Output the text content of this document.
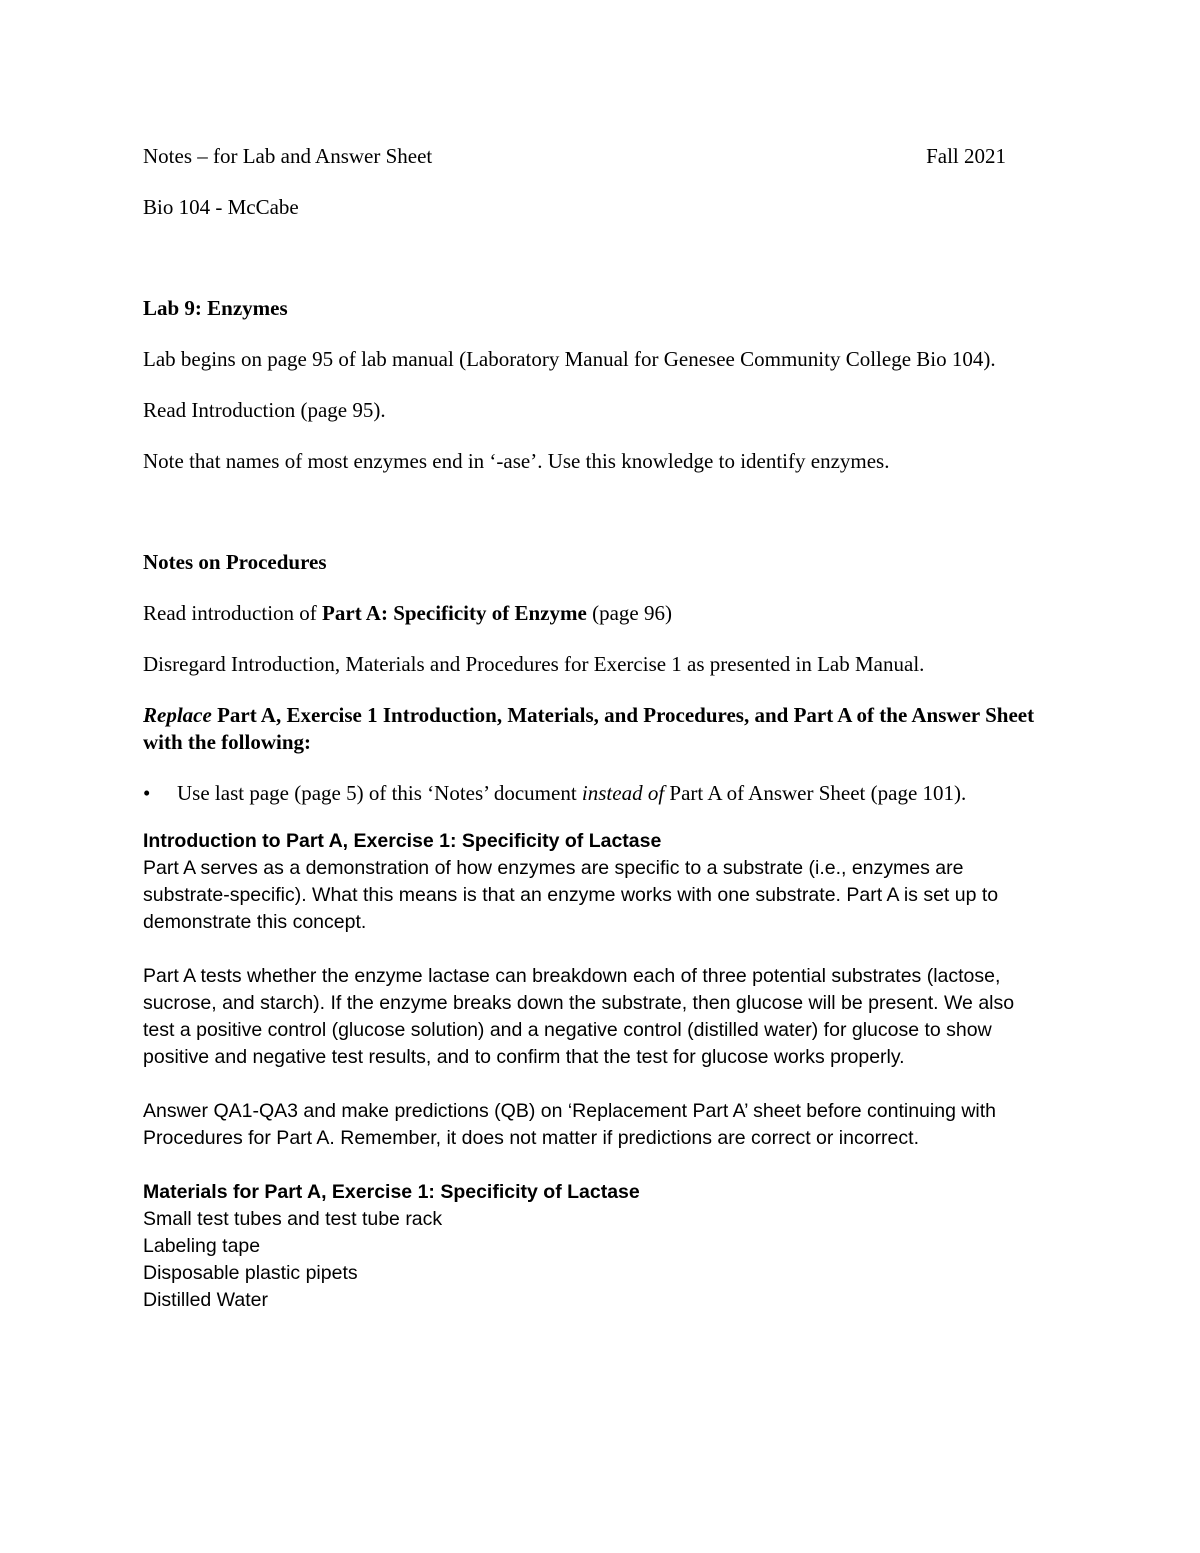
Notes – for Lab and Answer Sheet	Fall 2021

Bio 104 - McCabe

Lab 9: Enzymes

Lab begins on page 95 of lab manual (Laboratory Manual for Genesee Community College Bio 104).

Read Introduction (page 95).

Note that names of most enzymes end in ‘-ase’. Use this knowledge to identify enzymes.

Notes on Procedures

Read introduction of Part A: Specificity of Enzyme (page 96)

Disregard Introduction, Materials and Procedures for Exercise 1 as presented in Lab Manual.

Replace Part A, Exercise 1 Introduction, Materials, and Procedures, and Part A of the Answer Sheet with the following:

• Use last page (page 5) of this ‘Notes’ document instead of Part A of Answer Sheet (page 101).

Introduction to Part A, Exercise 1: Specificity of Lactase

Part A serves as a demonstration of how enzymes are specific to a substrate (i.e., enzymes are substrate-specific). What this means is that an enzyme works with one substrate. Part A is set up to demonstrate this concept.

Part A tests whether the enzyme lactase can breakdown each of three potential substrates (lactose, sucrose, and starch). If the enzyme breaks down the substrate, then glucose will be present. We also test a positive control (glucose solution) and a negative control (distilled water) for glucose to show positive and negative test results, and to confirm that the test for glucose works properly.

Answer QA1-QA3 and make predictions (QB) on ‘Replacement Part A’ sheet before continuing with Procedures for Part A. Remember, it does not matter if predictions are correct or incorrect.

Materials for Part A, Exercise 1: Specificity of Lactase

Small test tubes and test tube rack

Labeling tape

Disposable plastic pipets

Distilled Water
